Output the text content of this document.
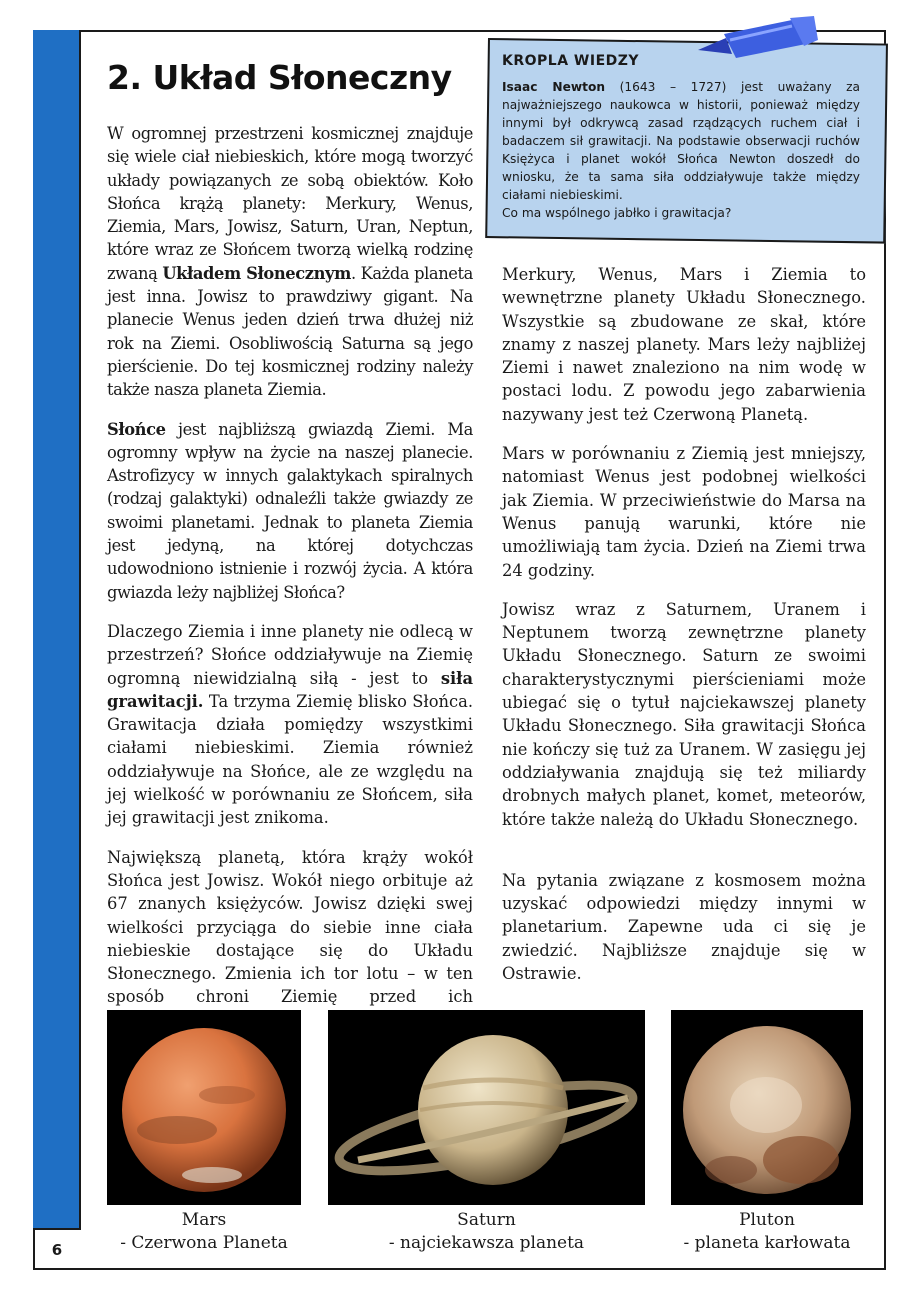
6
2. Układ Słoneczny	KROPLA WIEDZY
Isaac Newton (1643 – 1727) jest uważany za najważniejszego naukowca w historii, ponieważ między innymi był odkrywcą zasad rządzących ruchem ciał i badaczem sił grawitacji. Na podstawie obserwacji ruchów Księżyca i planet wokół Słońca Newton doszedł do wniosku, że ta sama siła oddziaływuje także między ciałami niebieskimi.
Co ma wspólnego jabłko i grawitacja?

W ogromnej przestrzeni kosmicznej znajduje się wiele ciał niebieskich, które mogą tworzyć układy powiązanych ze sobą obiektów. Koło Słońca krążą planety: Merkury, Wenus, Ziemia, Mars, Jowisz, Saturn, Uran, Neptun, które wraz ze Słońcem tworzą wielką rodzinę zwaną Układem Słonecznym. Każda planeta jest inna. Jowisz to prawdziwy gigant. Na planecie Wenus jeden dzień trwa dłużej niż rok na Ziemi. Osobliwością Saturna są jego pierścienie. Do tej kosmicznej rodziny należy także nasza planeta Ziemia.

Słońce jest najbliższą gwiazdą Ziemi. Ma ogromny wpływ na życie na naszej planecie. Astrofizycy w innych galaktykach spiralnych (rodzaj galaktyki) odnaleźli także gwiazdy ze swoimi planetami. Jednak to planeta Ziemia jest jedyną, na której dotychczas udowodniono istnienie i rozwój życia. A która gwiazda leży najbliżej Słońca?

Dlaczego Ziemia i inne planety nie odlecą w przestrzeń? Słońce oddziaływuje na Ziemię ogromną niewidzialną siłą - jest to siła grawitacji. Ta trzyma Ziemię blisko Słońca. Grawitacja działa pomiędzy wszystkimi ciałami niebieskimi. Ziemia również oddziaływuje na Słońce, ale ze względu na jej wielkość w porównaniu ze Słońcem, siła jej grawitacji jest znikoma.

Największą planetą, która krąży wokół Słońca jest Jowisz. Wokół niego orbituje aż 67 znanych księżyców. Jowisz dzięki swej wielkości przyciąga do siebie inne ciała niebieskie dostające się do Układu Słonecznego. Zmienia ich tor lotu – w ten sposób chroni Ziemię przed ich

Merkury, Wenus, Mars i Ziemia to wewnętrzne planety Układu Słonecznego. Wszystkie są zbudowane ze skał, które znamy z naszej planety. Mars leży najbliżej Ziemi i nawet znaleziono na nim wodę w postaci lodu. Z powodu jego zabarwienia nazywany jest też Czerwoną Planetą.

Mars w porównaniu z Ziemią jest mniejszy, natomiast Wenus jest podobnej wielkości jak Ziemia. W przeciwieństwie do Marsa na Wenus panują warunki, które nie umożliwiają tam życia. Dzień na Ziemi trwa 24 godziny.

Jowisz wraz z Saturnem, Uranem i Neptunem tworzą zewnętrzne planety Układu Słonecznego. Saturn ze swoimi charakterystycznymi pierścieniami może ubiegać się o tytuł najciekawszej planety Układu Słonecznego. Siła grawitacji Słońca nie kończy się tuż za Uranem. W zasięgu jej oddziaływania znajdują się też miliardy drobnych małych planet, komet, meteorów, które także należą do Układu Słonecznego.

Na pytania związane z kosmosem można uzyskać odpowiedzi między innymi w planetarium. Zapewne uda ci się je zwiedzić. Najbliższe znajduje się w Ostrawie.

Mars
- Czerwona Planeta
Saturn
- najciekawsza planeta
Pluton
- planeta karłowata
